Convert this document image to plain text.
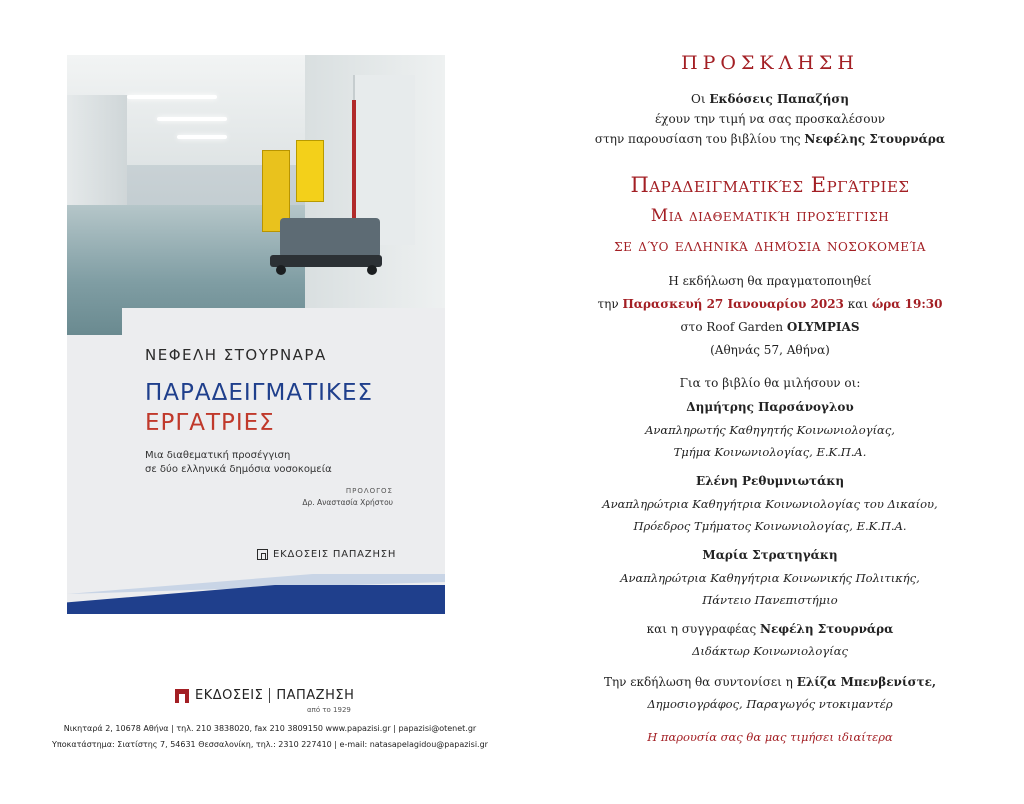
ΝΕΦΕΛΗ ΣΤΟΥΡΝΑΡΑ
ΠΑΡΑΔΕΙΓΜΑΤΙΚΕΣ
ΕΡΓΑΤΡΙΕΣ
Μια διαθεματική προσέγγιση
σε δύο ελληνικά δημόσια νοσοκομεία
ΠΡΟΛΟΓΟΣ
Δρ. Αναστασία Χρήστου
ΕΚΔΟΣΕΙΣ ΠΑΠΑΖΗΣΗ
ΕΚΔΟΣΕΙΣ ΠΑΠΑΖΗΣΗ
από το 1929
Νικηταρά 2, 10678 Αθήνα | τηλ. 210 3838020, fax 210 3809150 www.papazisi.gr | papazisi@otenet.gr
Υποκατάστημα: Σιατίστης 7, 54631 Θεσσαλονίκη, τηλ.: 2310 227410 | e-mail: natasapelagidou@papazisi.gr
ΠΡΟΣΚΛΗΣΗ
Οι Εκδόσεις Παπαζήση
έχουν την τιμή να σας προσκαλέσουν
στην παρουσίαση του βιβλίου της Νεφέλης Στουρνάρα
Παραδειγματικές Εργάτριες
Μια διαθεματική προσέγγιση
σε δύο ελληνικά δημόσια νοσοκομεία
Η εκδήλωση θα πραγματοποιηθεί
την Παρασκευή 27 Ιανουαρίου 2023 και ώρα 19:30
στο Roof Garden OLYMPIAS
(Αθηνάς 57, Αθήνα)
Για το βιβλίο θα μιλήσουν οι:
Δημήτρης Παρσάνογλου
Αναπληρωτής Καθηγητής Κοινωνιολογίας,
Τμήμα Κοινωνιολογίας, Ε.Κ.Π.Α.
Ελένη Ρεθυμνιωτάκη
Αναπληρώτρια Καθηγήτρια Κοινωνιολογίας του Δικαίου,
Πρόεδρος Τμήματος Κοινωνιολογίας, Ε.Κ.Π.Α.
Μαρία Στρατηγάκη
Αναπληρώτρια Καθηγήτρια Κοινωνικής Πολιτικής,
Πάντειο Πανεπιστήμιο
και η συγγραφέας Νεφέλη Στουρνάρα
Διδάκτωρ Κοινωνιολογίας
Την εκδήλωση θα συντονίσει η Ελίζα Μπενβενίστε,
Δημοσιογράφος, Παραγωγός ντοκιμαντέρ
Η παρουσία σας θα μας τιμήσει ιδιαίτερα
